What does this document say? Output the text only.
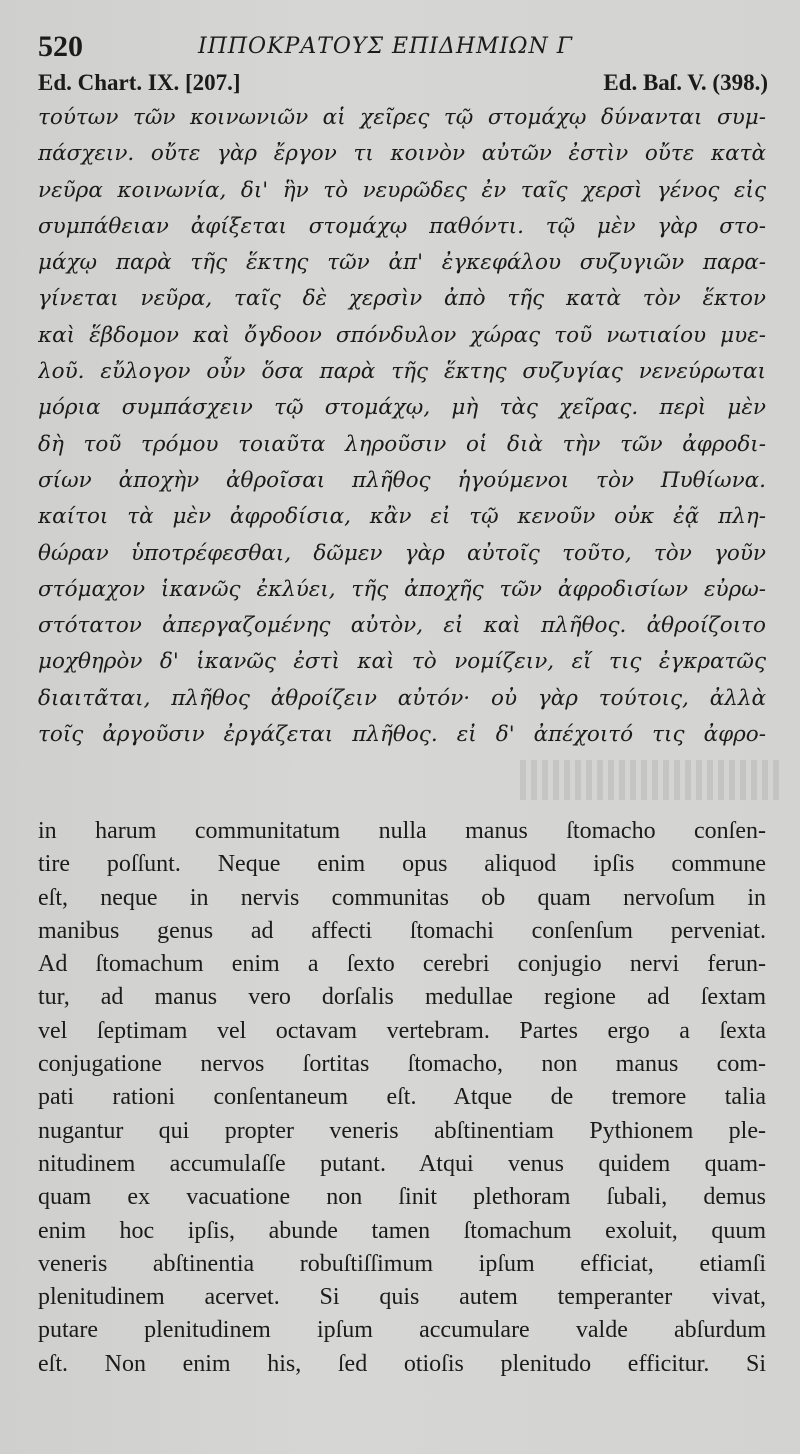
520	ΙΠΠΟΚΡΑΤΟΥΣ ΕΠΙΔΗΜΙΩΝ Γ
Ed. Chart. IX. [207.]	Ed. Baſ. V. (398.)
τούτων τῶν κοινωνιῶν αἱ χεῖρες τῷ στομάχῳ δύνανται συμ-
πάσχειν. οὔτε γὰρ ἔργον τι κοινὸν αὐτῶν ἐστὶν οὔτε κατὰ
νεῦρα κοινωνία, δι' ἣν τὸ νευρῶδες ἐν ταῖς χερσὶ γένος εἰς
συμπάθειαν ἀφίξεται στομάχῳ παθόντι. τῷ μὲν γὰρ στο-
μάχῳ παρὰ τῆς ἕκτης τῶν ἀπ' ἐγκεφάλου συζυγιῶν παρα-
γίνεται νεῦρα, ταῖς δὲ χερσὶν ἀπὸ τῆς κατὰ τὸν ἕκτον
καὶ ἕβδομον καὶ ὄγδοον σπόνδυλον χώρας τοῦ νωτιαίου μυε-
λοῦ. εὔλογον οὖν ὅσα παρὰ τῆς ἕκτης συζυγίας νενεύρωται
μόρια συμπάσχειν τῷ στομάχῳ, μὴ τὰς χεῖρας. περὶ μὲν
δὴ τοῦ τρόμου τοιαῦτα ληροῦσιν οἱ διὰ τὴν τῶν ἀφροδι-
σίων ἀποχὴν ἀθροῖσαι πλῆθος ἡγούμενοι τὸν Πυθίωνα.
καίτοι τὰ μὲν ἀφροδίσια, κἂν εἰ τῷ κενοῦν οὐκ ἐᾷ πλη-
θώραν ὑποτρέφεσθαι, δῶμεν γὰρ αὐτοῖς τοῦτο, τὸν γοῦν
στόμαχον ἱκανῶς ἐκλύει, τῆς ἀποχῆς τῶν ἀφροδισίων εὐρω-
στότατον ἀπεργαζομένης αὐτὸν, εἰ καὶ πλῆθος. ἀθροίζοιτο
μοχθηρὸν δ' ἱκανῶς ἐστὶ καὶ τὸ νομίζειν, εἴ τις ἐγκρατῶς
διαιτᾶται, πλῆθος ἀθροίζειν αὐτόν· οὐ γὰρ τούτοις, ἀλλὰ
τοῖς ἀργοῦσιν ἐργάζεται πλῆθος. εἰ δ' ἀπέχοιτό τις ἀφρο-
in harum communitatum nulla manus ſtomacho conſen-
tire poſſunt. Neque enim opus aliquod ipſis commune
eſt, neque in nervis communitas ob quam nervoſum in
manibus genus ad affecti ſtomachi conſenſum perveniat.
Ad ſtomachum enim a ſexto cerebri conjugio nervi ferun-
tur, ad manus vero dorſalis medullae regione ad ſextam
vel ſeptimam vel octavam vertebram. Partes ergo a ſexta
conjugatione nervos ſortitas ſtomacho, non manus com-
pati rationi conſentaneum eſt. Atque de tremore talia
nugantur qui propter veneris abſtinentiam Pythionem ple-
nitudinem accumulaſſe putant. Atqui venus quidem quam-
quam ex vacuatione non ſinit plethoram ſubali, demus
enim hoc ipſis, abunde tamen ſtomachum exoluit, quum
veneris abſtinentia robuſtiſſimum ipſum efficiat, etiamſi
plenitudinem acervet. Si quis autem temperanter vivat,
putare plenitudinem ipſum accumulare valde abſurdum
eſt. Non enim his, ſed otioſis plenitudo efficitur. Si
